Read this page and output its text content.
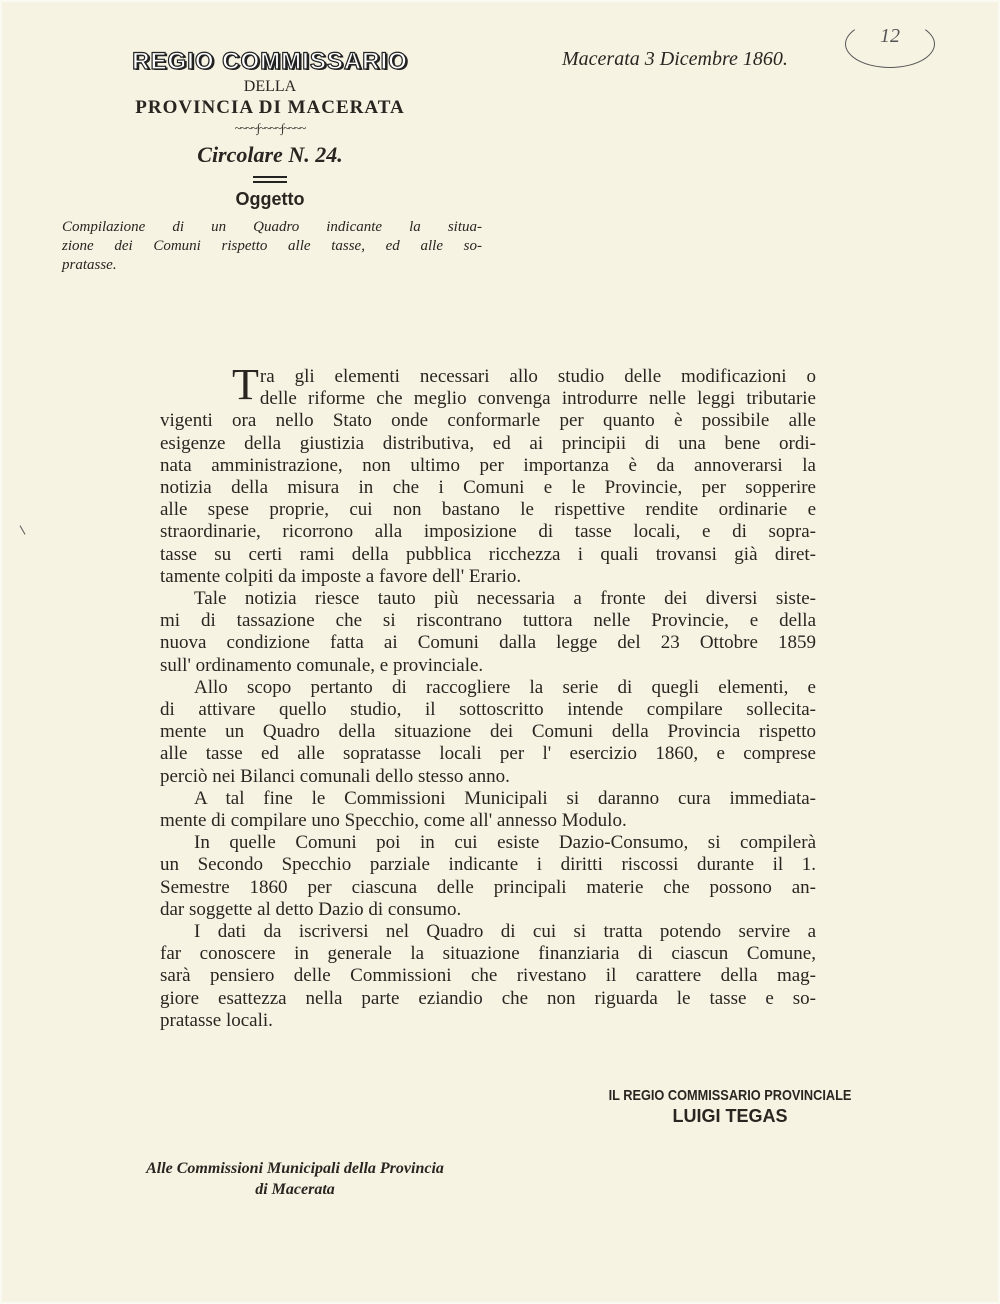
REGIO COMMISSARIO
DELLA
PROVINCIA DI MACERATA
~~~~∫~~~~∫~~~~
Circolare N. 24.
Oggetto
Compilazione di un Quadro indicante la situa-
zione dei Comuni rispetto alle tasse, ed alle so-
pratasse.
Macerata 3 Dicembre 1860.
12
T ra gli elementi necessari allo studio delle modificazioni o
delle riforme che meglio convenga introdurre nelle leggi tributarie
vigenti ora nello Stato onde conformarle per quanto è possibile alle
esigenze della giustizia distributiva, ed ai principii di una bene ordi-
nata amministrazione, non ultimo per importanza è da annoverarsi la
notizia della misura in che i Comuni e le Provincie, per sopperire
alle spese proprie, cui non bastano le rispettive rendite ordinarie e
straordinarie, ricorrono alla imposizione di tasse locali, e di sopra-
tasse su certi rami della pubblica ricchezza i quali trovansi già diret-
tamente colpiti da imposte a favore dell' Erario.
Tale notizia riesce tauto più necessaria a fronte dei diversi siste-
mi di tassazione che si riscontrano tuttora nelle Provincie, e della
nuova condizione fatta ai Comuni dalla legge del 23 Ottobre 1859
sull' ordinamento comunale, e provinciale.
Allo scopo pertanto di raccogliere la serie di quegli elementi, e
di attivare quello studio, il sottoscritto intende compilare sollecita-
mente un Quadro della situazione dei Comuni della Provincia rispetto
alle tasse ed alle sopratasse locali per l' esercizio 1860, e comprese
perciò nei Bilanci comunali dello stesso anno.
A tal fine le Commissioni Municipali si daranno cura immediata-
mente di compilare uno Specchio, come all' annesso Modulo.
In quelle Comuni poi in cui esiste Dazio-Consumo, si compilerà
un Secondo Specchio parziale indicante i diritti riscossi durante il 1.
Semestre 1860 per ciascuna delle principali materie che possono an-
dar soggette al detto Dazio di consumo.
I dati da iscriversi nel Quadro di cui si tratta potendo servire a
far conoscere in generale la situazione finanziaria di ciascun Comune,
sarà pensiero delle Commissioni che rivestano il carattere della mag-
giore esattezza nella parte eziandio che non riguarda le tasse e so-
pratasse locali.
IL REGIO COMMISSARIO PROVINCIALE
LUIGI TEGAS
Alle Commissioni Municipali della Provincia
di Macerata
